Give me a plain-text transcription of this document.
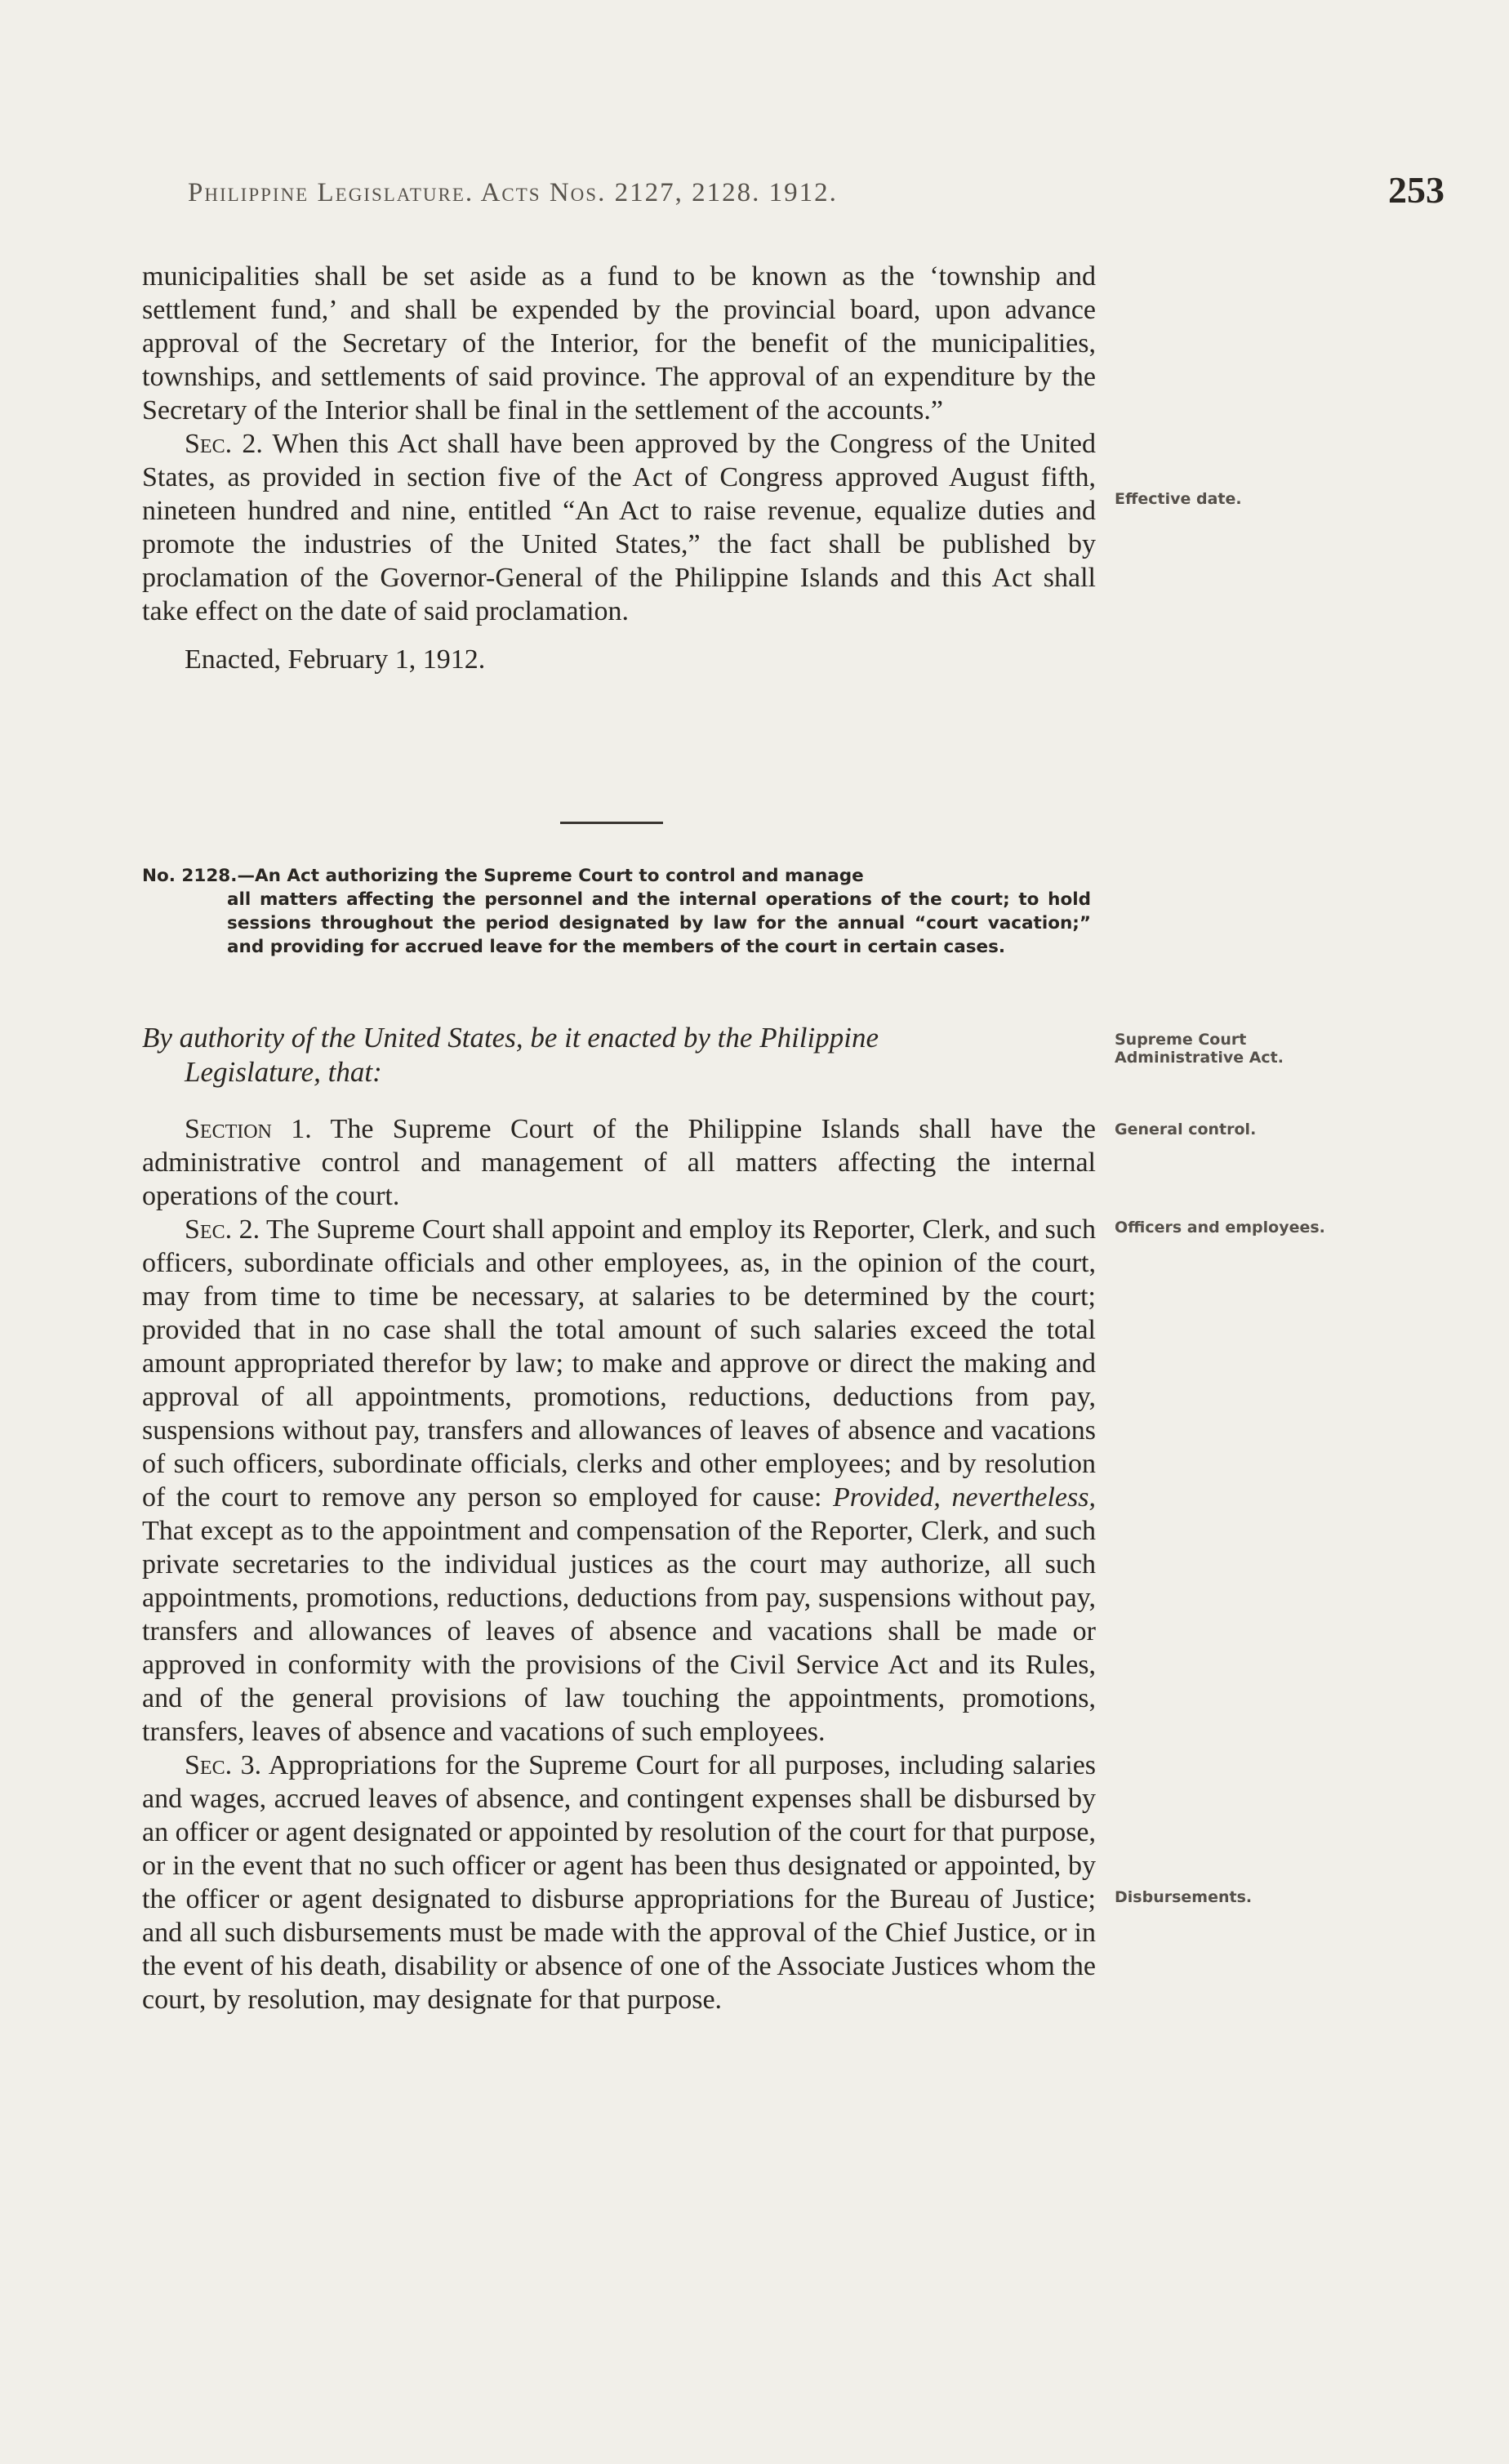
Philippine Legislature. Acts Nos. 2127, 2128. 1912.	253

municipalities shall be set aside as a fund to be known as the ‘township and settlement fund,’ and shall be expended by the provincial board, upon advance approval of the Secretary of the Interior, for the benefit of the municipalities, townships, and settlements of said province. The approval of an expenditure by the Secretary of the Interior shall be final in the settlement of the accounts.”

Sec. 2. When this Act shall have been approved by the Congress of the United States, as provided in section five of the Act of Congress approved August fifth, nineteen hundred and nine, entitled “An Act to raise revenue, equalize duties and promote the industries of the United States,” the fact shall be published by proclamation of the Governor-General of the Philippine Islands and this Act shall take effect on the date of said proclamation.

Enacted, February 1, 1912.

Effective date.
No. 2128.—An Act authorizing the Supreme Court to control and manage
all matters affecting the personnel and the internal operations of the court; to hold sessions throughout the period designated by law for the annual “court vacation;” and providing for accrued leave for the members of the court in certain cases.
By authority of the United States, be it enacted by the Philippine
Legislature, that:
Supreme Court Administrative Act.

Section 1. The Supreme Court of the Philippine Islands shall have the administrative control and management of all matters affecting the internal operations of the court.

Sec. 2. The Supreme Court shall appoint and employ its Reporter, Clerk, and such officers, subordinate officials and other employees, as, in the opinion of the court, may from time to time be necessary, at salaries to be determined by the court; provided that in no case shall the total amount of such salaries exceed the total amount appropriated therefor by law; to make and approve or direct the making and approval of all appointments, promotions, reductions, deductions from pay, suspensions without pay, transfers and allowances of leaves of absence and vacations of such officers, subordinate officials, clerks and other employees; and by resolution of the court to remove any person so employed for cause: Provided, nevertheless, That except as to the appointment and compensation of the Reporter, Clerk, and such private secretaries to the individual justices as the court may authorize, all such appointments, promotions, reductions, deductions from pay, suspensions without pay, transfers and allowances of leaves of absence and vacations shall be made or approved in conformity with the provisions of the Civil Service Act and its Rules, and of the general provisions of law touching the appointments, promotions, transfers, leaves of absence and vacations of such employees.

Sec. 3. Appropriations for the Supreme Court for all purposes, including salaries and wages, accrued leaves of absence, and contingent expenses shall be disbursed by an officer or agent designated or appointed by resolution of the court for that purpose, or in the event that no such officer or agent has been thus designated or appointed, by the officer or agent designated to disburse appropriations for the Bureau of Justice; and all such disbursements must be made with the approval of the Chief Justice, or in the event of his death, disability or absence of one of the Associate Justices whom the court, by resolution, may designate for that purpose.

General control.
Officers and employees.
Disbursements.
